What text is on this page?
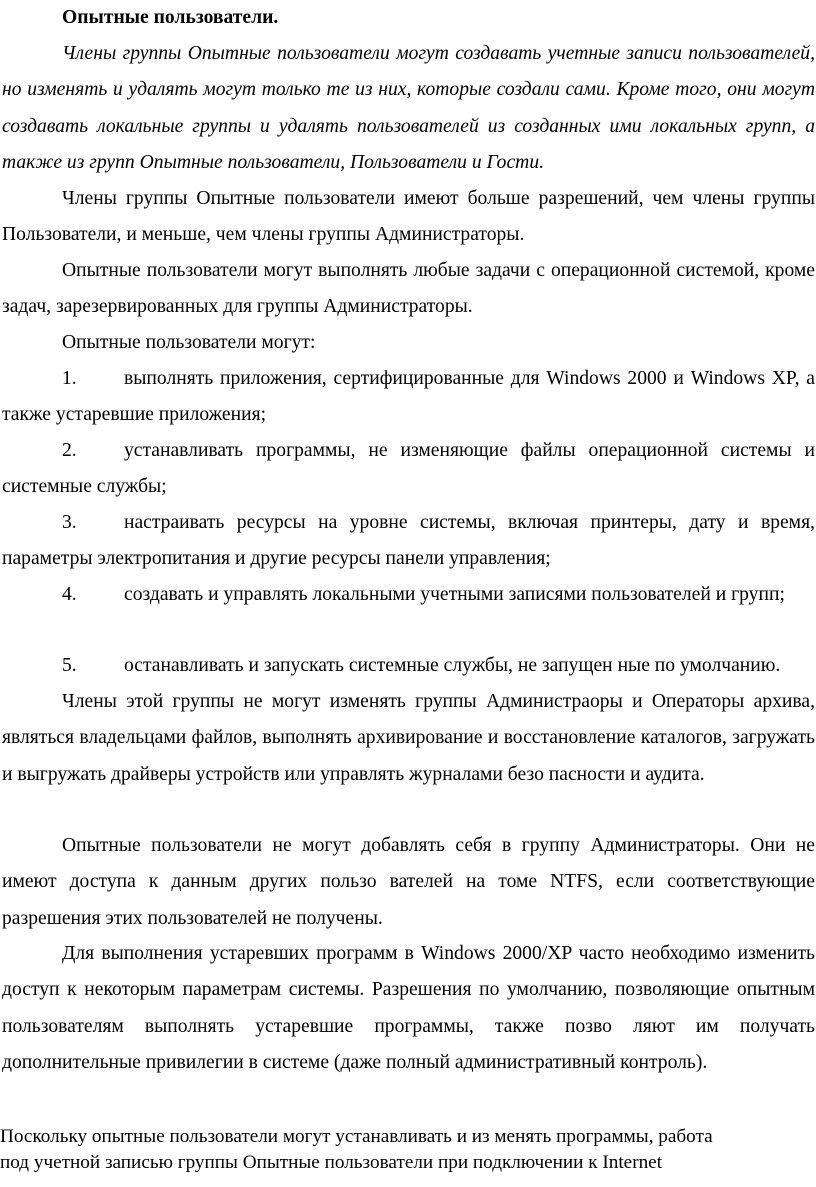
Опытные пользователи.

Члены группы Опытные пользователи могут создавать учетные записи пользователей, но изменять и удалять могут только те из них, которые создали сами. Кроме того, они могут создавать локальные группы и удалять пользователей из созданных ими локальных групп, а также из групп Опытные пользователи, Пользователи и Гости.

Члены группы Опытные пользователи имеют больше разрешений, чем члены группы Пользователи, и меньше, чем члены группы Администраторы.

Опытные пользователи могут выполнять любые задачи с операционной системой, кроме задач, зарезервированных для группы Администраторы.

Опытные пользователи могут:

1. выполнять приложения, сертифицированные для Windows 2000 и Windows XP, а также устаревшие приложения;

2. устанавливать программы, не изменяющие файлы операционной системы и системные службы;

3. настраивать ресурсы на уровне системы, включая принтеры, дату и время, параметры электропитания и другие ресурсы панели управления;

4. создавать и управлять локальными учетными записями пользователей и групп;

5. останавливать и запускать системные службы, не запущен ные по умолчанию.

Члены этой группы не могут изменять группы Администраоры и Операторы архива, являться владельцами файлов, выполнять архивирование и восстановление каталогов, загружать и выгружать драйверы устройств или управлять журналами безо пасности и аудита.

Опытные пользователи не могут добавлять себя в группу Администраторы. Они не имеют доступа к данным других пользо вателей на томе NTFS, если соответствующие разрешения этих пользователей не получены.

Для выполнения устаревших программ в Windows 2000/XP часто необходимо изменить доступ к некоторым параметрам системы. Разрешения по умолчанию, позволяющие опытным пользователям выполнять устаревшие программы, также позво ляют им получать дополнительные привилегии в системе (даже полный административный контроль).

Поскольку опытные пользователи могут устанавливать и из менять программы, работа

под учетной записью группы Опытные пользователи при подключении к Internet
